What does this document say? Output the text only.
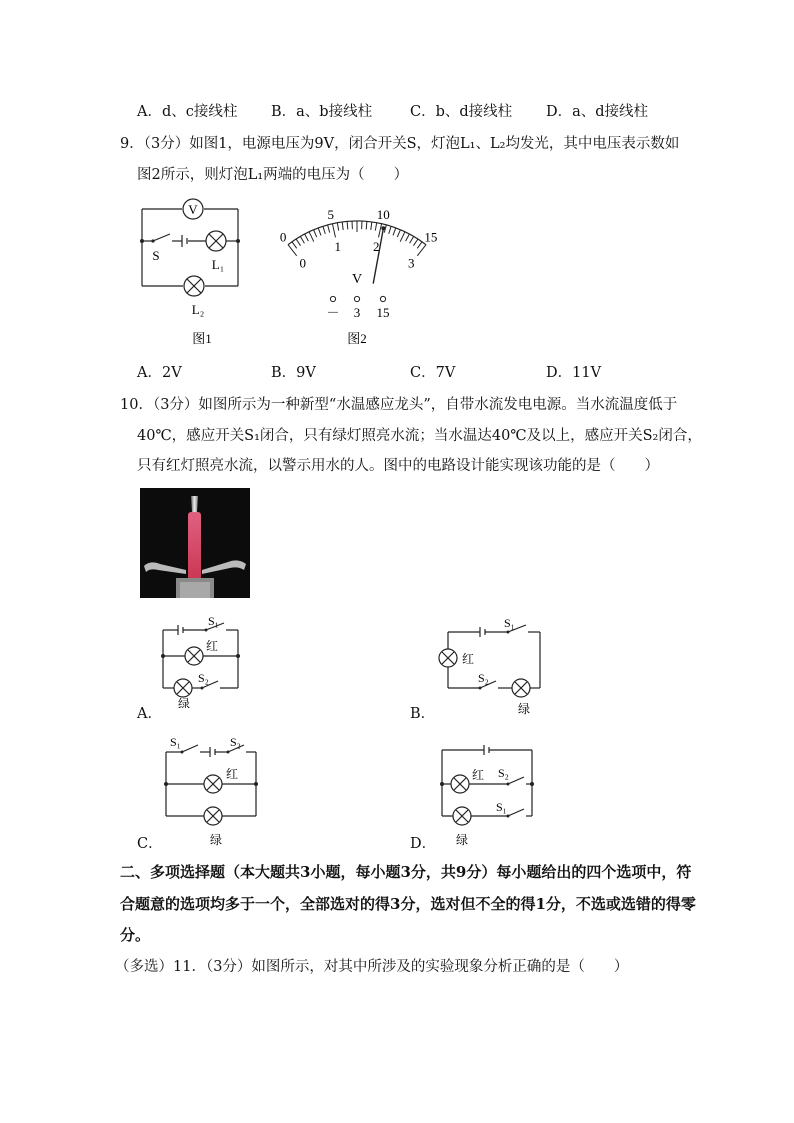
A．d、c接线柱 B．a、b接线柱	C．b、d接线柱 D．a、d接线柱
9．（3分）如图1，电源电压为9V，闭合开关S，灯泡L₁、L₂均发光，其中电压表示数如
图2所示，则灯泡L₁两端的电压为（　　）
V
S
L₁
L₂
图1
0
5	10
15
0
1 2
3
V
－ 3 15
图2
A．2V	B．9V	C．7V	D．11V
10．（3分）如图所示为一种新型“水温感应龙头”，自带水流发电电源。当水流温度低于
40℃，感应开关S₁闭合，只有绿灯照亮水流；当水温达40℃及以上，感应开关S₂闭合，
只有红灯照亮水流，以警示用水的人。图中的电路设计能实现该功能的是（　　）
S₁
红
S₂
绿
A．
S₁
红
S₂
绿
B．
S₁	S₂
红
绿
C．
红 S₂
S₁
绿
D．
二、多项选择题（本大题共3小题，每小题3分，共9分）每小题给出的四个选项中，符
合题意的选项均多于一个，全部选对的得3分，选对但不全的得1分，不选或选错的得零
分。
（多选）11．（3分）如图所示，对其中所涉及的实验现象分析正确的是（　　）
